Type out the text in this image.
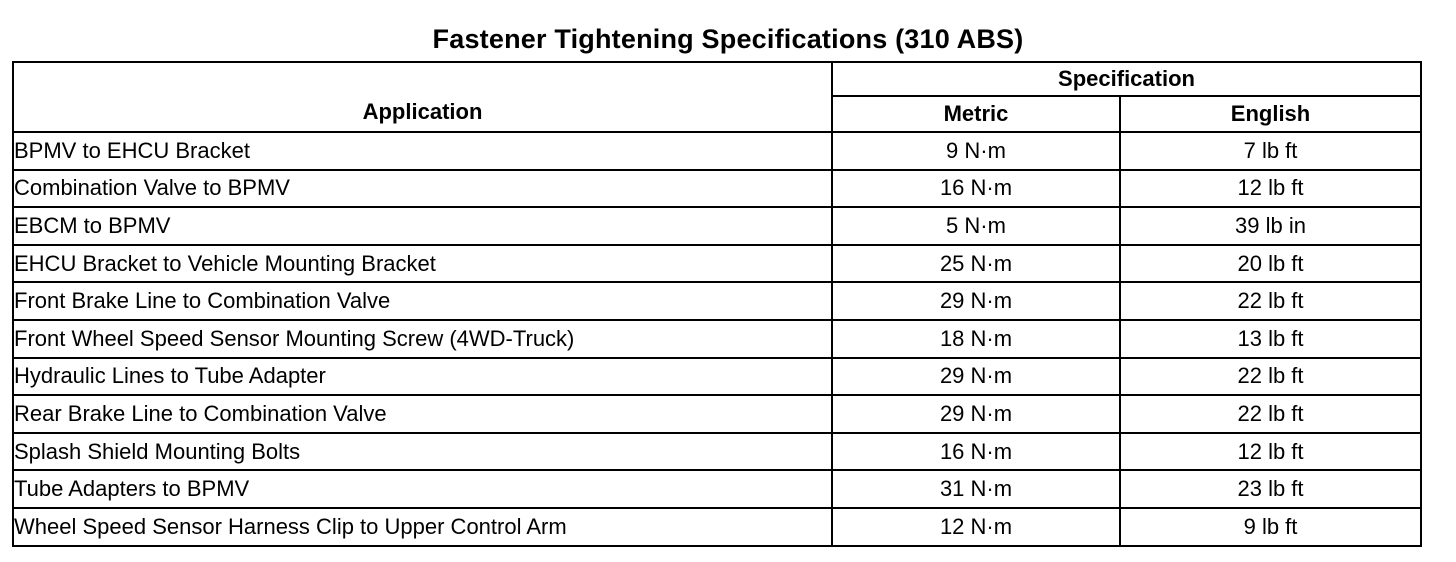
Fastener Tightening Specifications (310 ABS)
Application	Specification	
	Metric	English
BPMV to EHCU Bracket	9 N·m	7 lb ft
Combination Valve to BPMV	16 N·m	12 lb ft
EBCM to BPMV	5 N·m	39 lb in
EHCU Bracket to Vehicle Mounting Bracket	25 N·m	20 lb ft
Front Brake Line to Combination Valve	29 N·m	22 lb ft
Front Wheel Speed Sensor Mounting Screw (4WD-Truck)	18 N·m	13 lb ft
Hydraulic Lines to Tube Adapter	29 N·m	22 lb ft
Rear Brake Line to Combination Valve	29 N·m	22 lb ft
Splash Shield Mounting Bolts	16 N·m	12 lb ft
Tube Adapters to BPMV	31 N·m	23 lb ft
Wheel Speed Sensor Harness Clip to Upper Control Arm	12 N·m	9 lb ft
